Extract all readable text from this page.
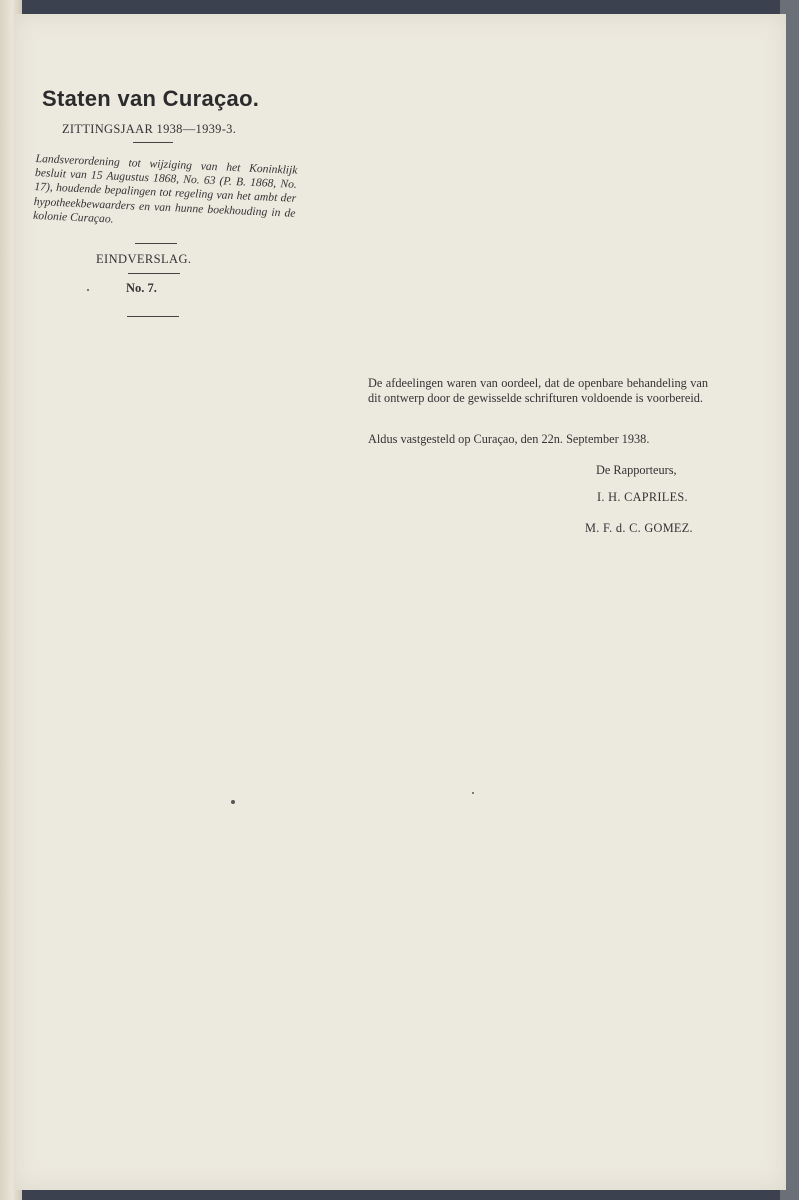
Staten van Curaçao.
ZITTINGSJAAR 1938—1939-3.
Landsverordening tot wijziging van het Koninklijk besluit van 15 Augustus 1868, No. 63 (P. B. 1868, No. 17), houdende bepalingen tot regeling van het ambt der hypotheekbewaarders en van hunne boekhouding in de kolonie Curaçao.
EINDVERSLAG.
No. 7.
De afdeelingen waren van oordeel, dat de openbare behandeling van dit ontwerp door de gewisselde schrifturen voldoende is voorbereid.
Aldus vastgesteld op Curaçao, den 22n. September 1938.
De Rapporteurs,
I. H. CAPRILES.
M. F. d. C. GOMEZ.
